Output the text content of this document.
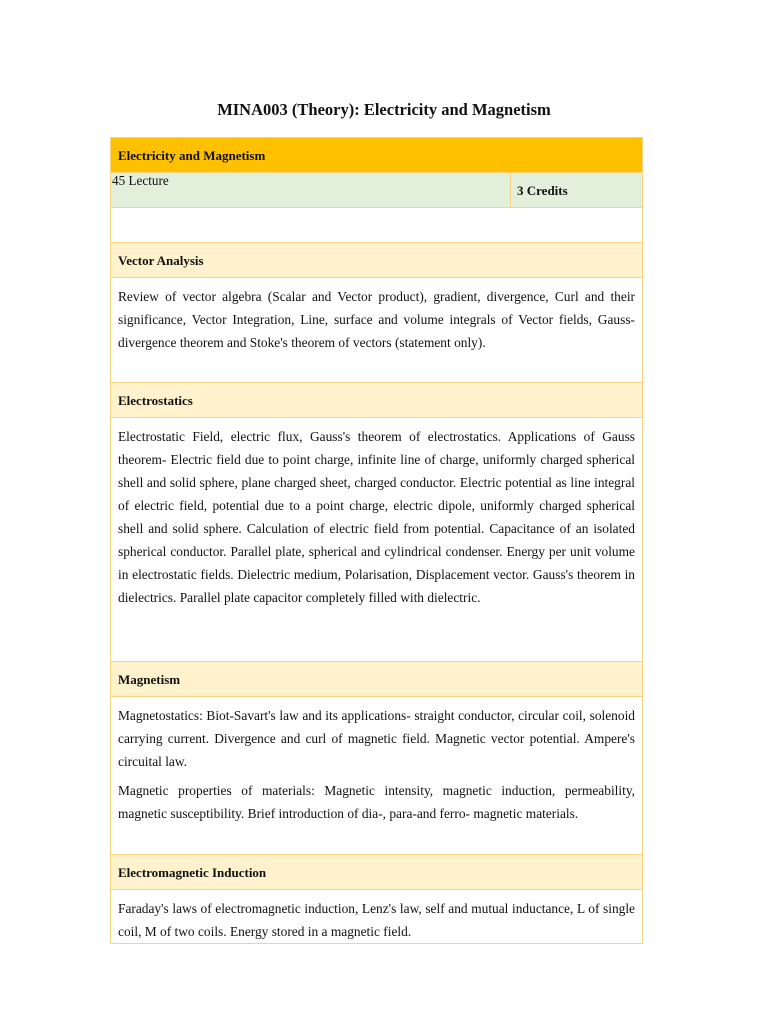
MINA003 (Theory): Electricity and Magnetism
Electricity and Magnetism
45 Lecture
3 Credits
Vector Analysis

Review of vector algebra (Scalar and Vector product), gradient, divergence, Curl and their significance, Vector Integration, Line, surface and volume integrals of Vector fields, Gauss-divergence theorem and Stoke's theorem of vectors (statement only).

Electrostatics

Electrostatic Field, electric flux, Gauss's theorem of electrostatics. Applications of Gauss theorem- Electric field due to point charge, infinite line of charge, uniformly charged spherical shell and solid sphere, plane charged sheet, charged conductor. Electric potential as line integral of electric field, potential due to a point charge, electric dipole, uniformly charged spherical shell and solid sphere. Calculation of electric field from potential. Capacitance of an isolated spherical conductor. Parallel plate, spherical and cylindrical condenser. Energy per unit volume in electrostatic fields. Dielectric medium, Polarisation, Displacement vector. Gauss's theorem in dielectrics. Parallel plate capacitor completely filled with dielectric.

Magnetism

Magnetostatics: Biot-Savart's law and its applications- straight conductor, circular coil, solenoid carrying current. Divergence and curl of magnetic field. Magnetic vector potential. Ampere's circuital law.

Magnetic properties of materials: Magnetic intensity, magnetic induction, permeability, magnetic susceptibility. Brief introduction of dia-, para-and ferro- magnetic materials.

Electromagnetic Induction

Faraday's laws of electromagnetic induction, Lenz's law, self and mutual inductance, L of single coil, M of two coils. Energy stored in a magnetic field.
